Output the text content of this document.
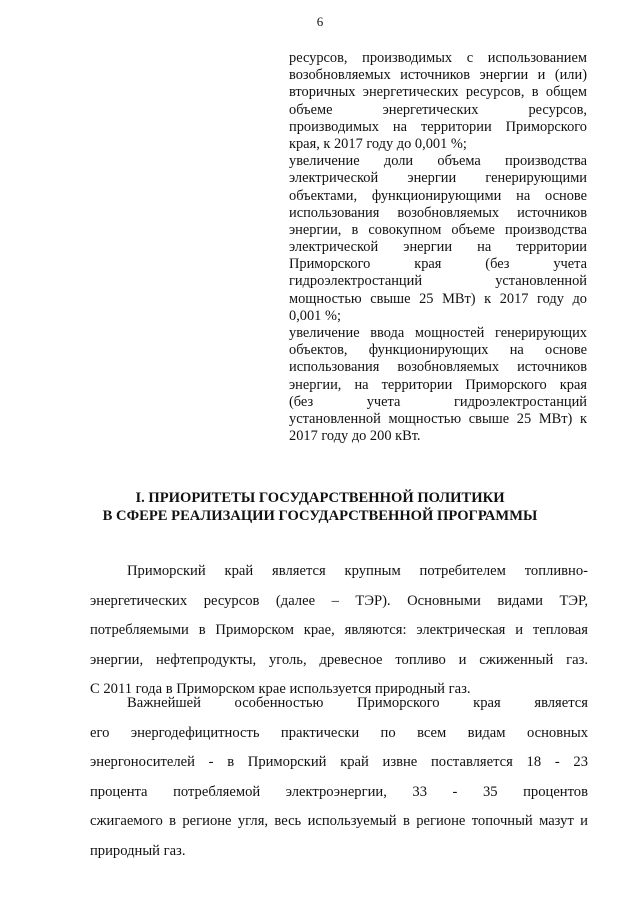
6
ресурсов, производимых с использованием
возобновляемых источников энергии и (или)
вторичных энергетических ресурсов, в общем
объеме энергетических ресурсов,
производимых на территории Приморского
края, к 2017 году до 0,001 %;
увеличение доли объема производства
электрической энергии генерирующими
объектами, функционирующими на основе
использования возобновляемых источников
энергии, в совокупном объеме производства
электрической энергии на территории
Приморского края (без учета
гидроэлектростанций установленной
мощностью свыше 25 МВт) к 2017 году до
0,001 %;
увеличение ввода мощностей генерирующих
объектов, функционирующих на основе
использования возобновляемых источников
энергии, на территории Приморского края
(без учета гидроэлектростанций
установленной мощностью свыше 25 МВт) к
2017 году до 200 кВт.
I. ПРИОРИТЕТЫ ГОСУДАРСТВЕННОЙ ПОЛИТИКИ
В СФЕРЕ РЕАЛИЗАЦИИ ГОСУДАРСТВЕННОЙ ПРОГРАММЫ
Приморский край является крупным потребителем топливно-
энергетических ресурсов (далее – ТЭР). Основными видами ТЭР,
потребляемыми в Приморском крае, являются: электрическая и тепловая
энергии, нефтепродукты, уголь, древесное топливо и сжиженный газ.
С 2011 года в Приморском крае используется природный газ.
Важнейшей особенностью Приморского края является
его энергодефицитность практически по всем видам основных
энергоносителей - в Приморский край извне поставляется 18 - 23
процента потребляемой электроэнергии, 33 - 35 процентов
сжигаемого в регионе угля, весь используемый в регионе топочный мазут и
природный газ.
